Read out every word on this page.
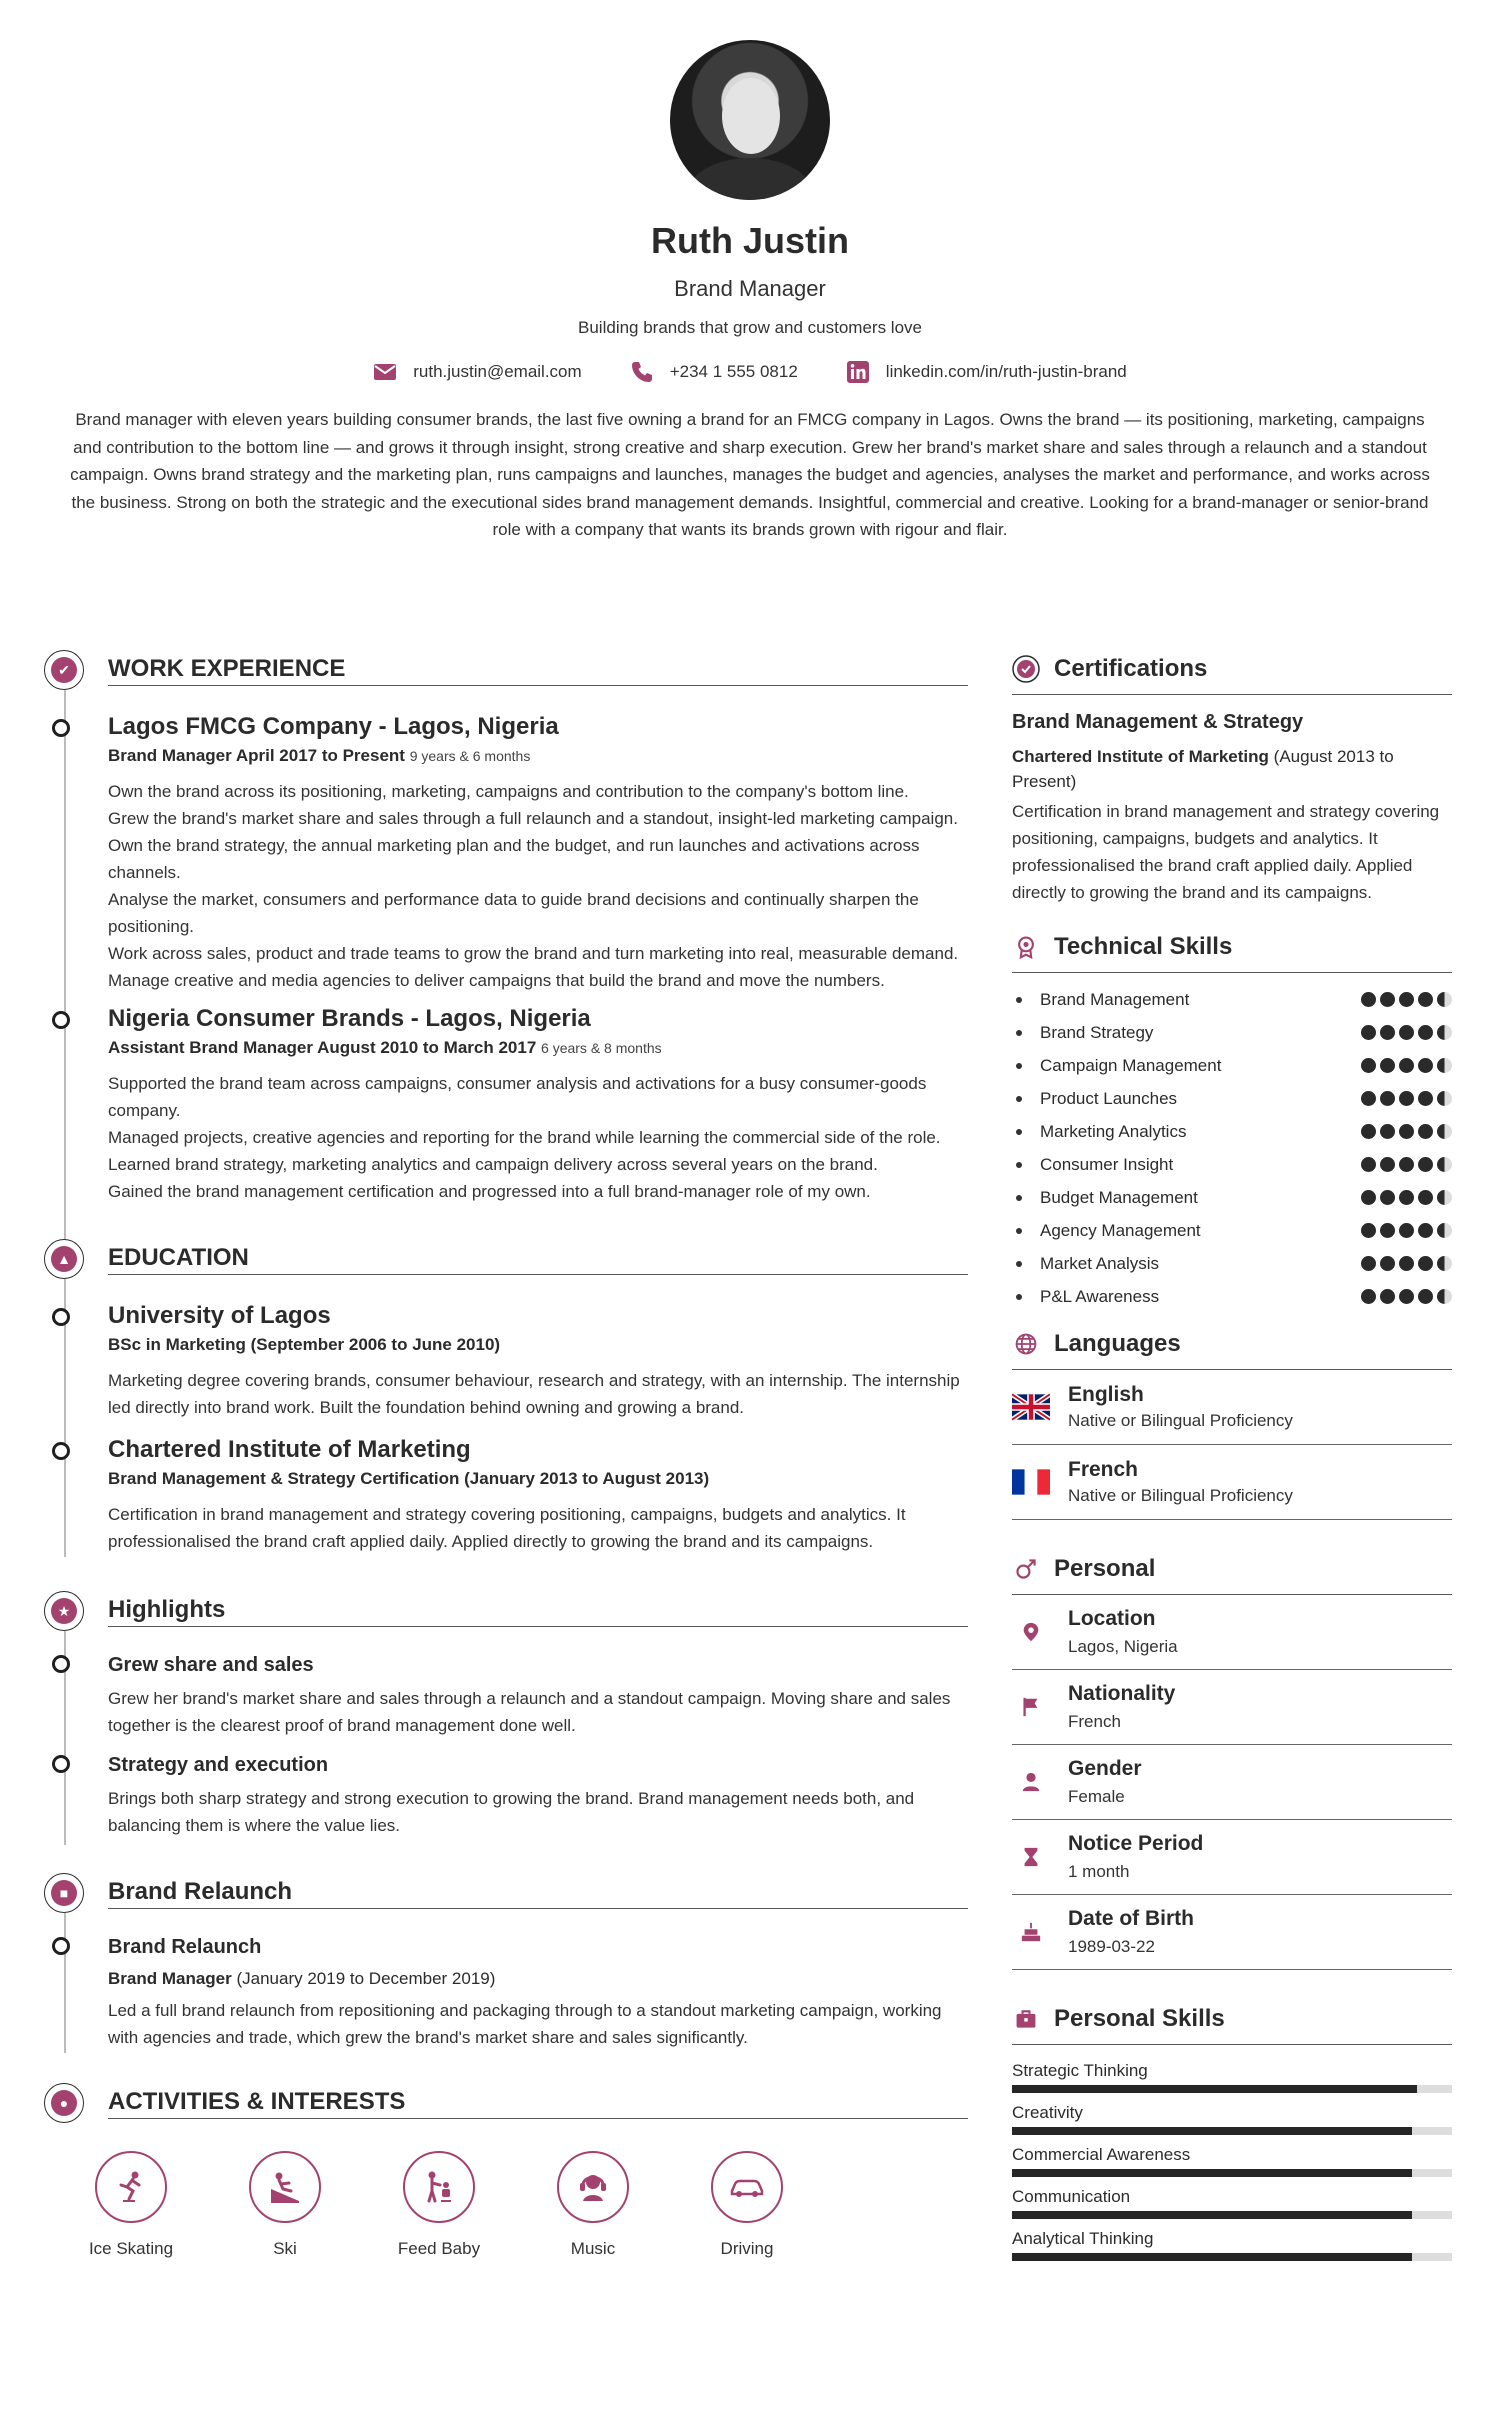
Ruth Justin
Brand Manager
Building brands that grow and customers love
ruth.justin@email.com	+234 1 555 0812	linkedin.com/in/ruth-justin-brand
Brand manager with eleven years building consumer brands, the last five owning a brand for an FMCG company in Lagos. Owns the brand — its positioning, marketing, campaigns and contribution to the bottom line — and grows it through insight, strong creative and sharp execution. Grew her brand's market share and sales through a relaunch and a standout campaign. Owns brand strategy and the marketing plan, runs campaigns and launches, manages the budget and agencies, analyses the market and performance, and works across the business. Strong on both the strategic and the executional sides brand management demands. Insightful, commercial and creative. Looking for a brand-manager or senior-brand role with a company that wants its brands grown with rigour and flair.
✔ WORK EXPERIENCE
Lagos FMCG Company - Lagos, Nigeria
Brand Manager April 2017 to Present 9 years & 6 months
Own the brand across its positioning, marketing, campaigns and contribution to the company's bottom line.
Grew the brand's market share and sales through a full relaunch and a standout, insight-led marketing campaign.
Own the brand strategy, the annual marketing plan and the budget, and run launches and activations across channels.
Analyse the market, consumers and performance data to guide brand decisions and continually sharpen the positioning.
Work across sales, product and trade teams to grow the brand and turn marketing into real, measurable demand.
Manage creative and media agencies to deliver campaigns that build the brand and move the numbers.
Nigeria Consumer Brands - Lagos, Nigeria
Assistant Brand Manager August 2010 to March 2017 6 years & 8 months
Supported the brand team across campaigns, consumer analysis and activations for a busy consumer-goods company.
Managed projects, creative agencies and reporting for the brand while learning the commercial side of the role.
Learned brand strategy, marketing analytics and campaign delivery across several years on the brand.
Gained the brand management certification and progressed into a full brand-manager role of my own.
▲ EDUCATION
University of Lagos
BSc in Marketing (September 2006 to June 2010)
Marketing degree covering brands, consumer behaviour, research and strategy, with an internship. The internship led directly into brand work. Built the foundation behind owning and growing a brand.
Chartered Institute of Marketing
Brand Management & Strategy Certification (January 2013 to August 2013)
Certification in brand management and strategy covering positioning, campaigns, budgets and analytics. It professionalised the brand craft applied daily. Applied directly to growing the brand and its campaigns.
★ Highlights
Grew share and sales
Grew her brand's market share and sales through a relaunch and a standout campaign. Moving share and sales together is the clearest proof of brand management done well.
Strategy and execution
Brings both sharp strategy and strong execution to growing the brand. Brand management needs both, and balancing them is where the value lies.
■	Brand Relaunch
Brand Relaunch
Brand Manager (January 2019 to December 2019)
Led a full brand relaunch from repositioning and packaging through to a standout marketing campaign, working with agencies and trade, which grew the brand's market share and sales significantly.
●	ACTIVITIES & INTERESTS
Ice Skating	Ski	Feed Baby	Music	Driving
Certifications
Brand Management & Strategy
Chartered Institute of Marketing (August 2013 to Present)
Certification in brand management and strategy covering positioning, campaigns, budgets and analytics. It professionalised the brand craft applied daily. Applied directly to growing the brand and its campaigns.
Technical Skills
Brand Management
Brand Strategy
Campaign Management
Product Launches
Marketing Analytics
Consumer Insight
Budget Management
Agency Management
Market Analysis
P&L Awareness
Languages
English
Native or Bilingual Proficiency
French
Native or Bilingual Proficiency
Personal
Location
Lagos, Nigeria
Nationality
French
Gender
Female
Notice Period
1 month
Date of Birth
1989-03-22
Personal Skills
Strategic Thinking
Creativity
Commercial Awareness
Communication
Analytical Thinking
